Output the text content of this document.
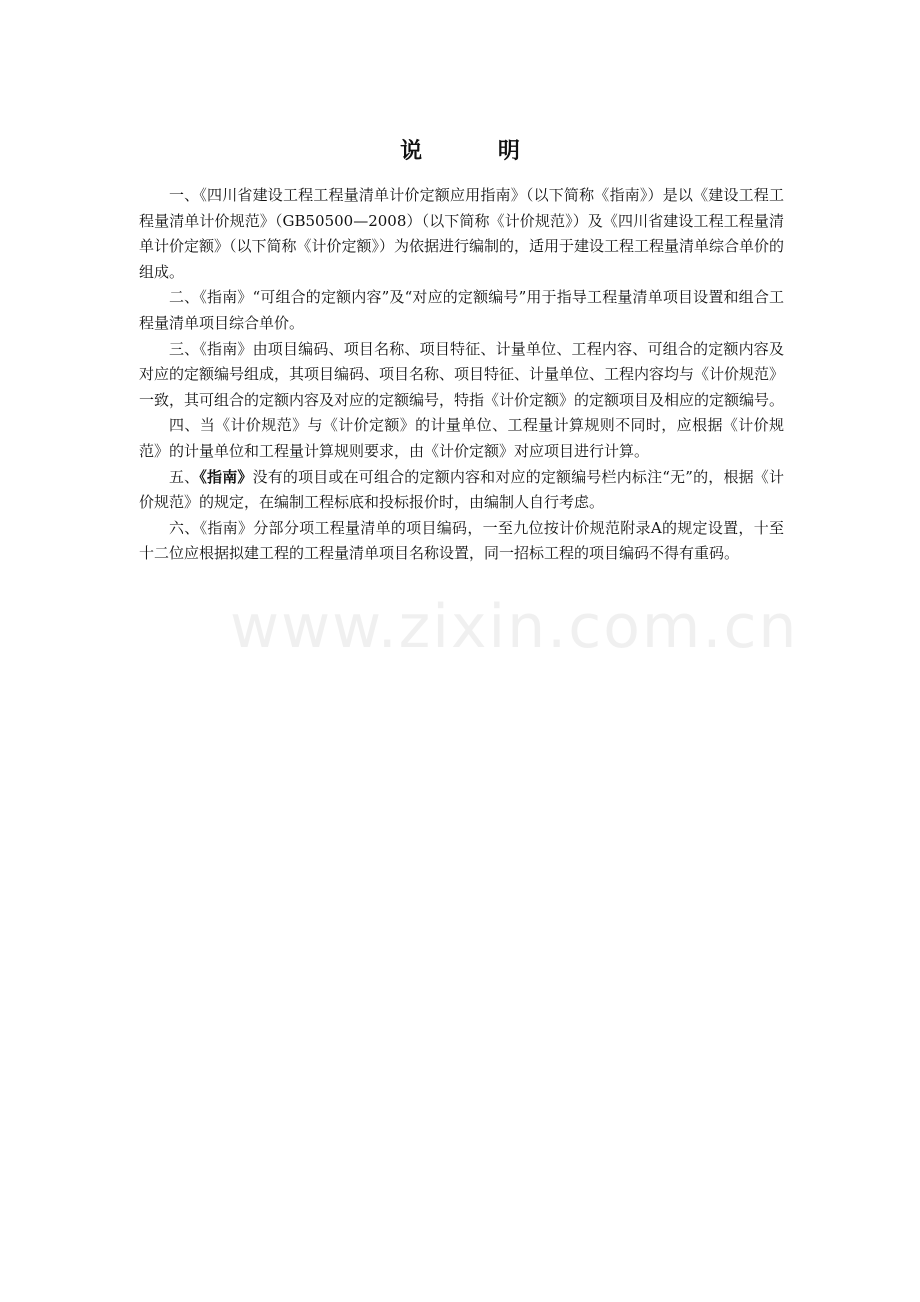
说 明

一、《四川省建设工程工程量清单计价定额应用指南》（以下简称《指南》）是以《建设工程工程量清单计价规范》（GB50500—2008）（以下简称《计价规范》）及《四川省建设工程工程量清单计价定额》（以下简称《计价定额》）为依据进行编制的，适用于建设工程工程量清单综合单价的组成。

二、《指南》“可组合的定额内容”及“对应的定额编号”用于指导工程量清单项目设置和组合工程量清单项目综合单价。

三、《指南》由项目编码、项目名称、项目特征、计量单位、工程内容、可组合的定额内容及对应的定额编号组成，其项目编码、项目名称、项目特征、计量单位、工程内容均与《计价规范》一致，其可组合的定额内容及对应的定额编号，特指《计价定额》的定额项目及相应的定额编号。

四、当《计价规范》与《计价定额》的计量单位、工程量计算规则不同时，应根据《计价规范》的计量单位和工程量计算规则要求，由《计价定额》对应项目进行计算。

五、《指南》没有的项目或在可组合的定额内容和对应的定额编号栏内标注“无”的，根据《计价规范》的规定，在编制工程标底和投标报价时，由编制人自行考虑。

六、《指南》分部分项工程量清单的项目编码，一至九位按计价规范附录A的规定设置，十至十二位应根据拟建工程的工程量清单项目名称设置，同一招标工程的项目编码不得有重码。

www.zixin.com.cn
